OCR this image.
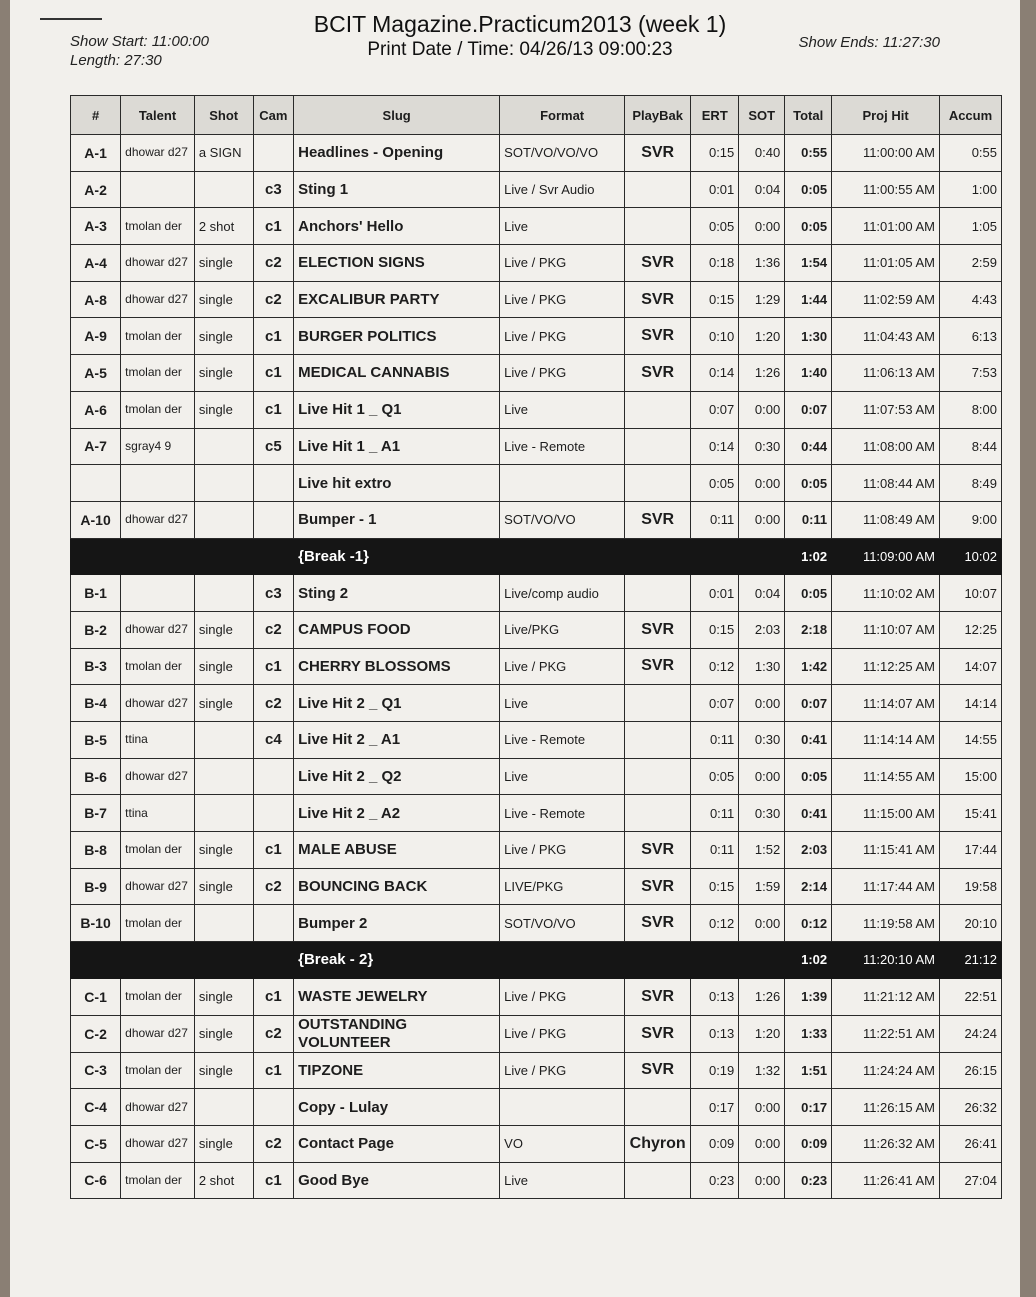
Show Start: 11:00:00
Length: 27:30
BCIT Magazine.Practicum2013 (week 1)
Print Date / Time: 04/26/13 09:00:23	Show Ends: 11:27:30
#	Talent	Shot	Cam	Slug	Format	PlayBak	ERT	SOT	Total	Proj Hit	Accum
A-1	dhowar d27	a SIGN		Headlines - Opening	SOT/VO/VO/VO	SVR	0:15	0:40	0:55	11:00:00 AM	0:55
A-2			c3	Sting 1	Live / Svr Audio		0:01	0:04	0:05	11:00:55 AM	1:00
A-3	tmolan der	2 shot	c1	Anchors' Hello	Live		0:05	0:00	0:05	11:01:00 AM	1:05
A-4	dhowar d27	single	c2	ELECTION SIGNS	Live / PKG	SVR	0:18	1:36	1:54	11:01:05 AM	2:59
A-8	dhowar d27	single	c2	EXCALIBUR PARTY	Live / PKG	SVR	0:15	1:29	1:44	11:02:59 AM	4:43
A-9	tmolan der	single	c1	BURGER POLITICS	Live / PKG	SVR	0:10	1:20	1:30	11:04:43 AM	6:13
A-5	tmolan der	single	c1	MEDICAL CANNABIS	Live / PKG	SVR	0:14	1:26	1:40	11:06:13 AM	7:53
A-6	tmolan der	single	c1	Live Hit 1 _ Q1	Live		0:07	0:00	0:07	11:07:53 AM	8:00
A-7	sgray4 9		c5	Live Hit 1 _ A1	Live - Remote		0:14	0:30	0:44	11:08:00 AM	8:44
				Live hit extro			0:05	0:00	0:05	11:08:44 AM	8:49
A-10	dhowar d27			Bumper - 1	SOT/VO/VO	SVR	0:11	0:00	0:11	11:08:49 AM	9:00
				{Break -1}					1:02	11:09:00 AM	10:02
B-1			c3	Sting 2	Live/comp audio		0:01	0:04	0:05	11:10:02 AM	10:07
B-2	dhowar d27	single	c2	CAMPUS FOOD	Live/PKG	SVR	0:15	2:03	2:18	11:10:07 AM	12:25
B-3	tmolan der	single	c1	CHERRY BLOSSOMS	Live / PKG	SVR	0:12	1:30	1:42	11:12:25 AM	14:07
B-4	dhowar d27	single	c2	Live Hit 2 _ Q1	Live		0:07	0:00	0:07	11:14:07 AM	14:14
B-5	ttina		c4	Live Hit 2 _ A1	Live - Remote		0:11	0:30	0:41	11:14:14 AM	14:55
B-6	dhowar d27			Live Hit 2 _ Q2	Live		0:05	0:00	0:05	11:14:55 AM	15:00
B-7	ttina			Live Hit 2 _ A2	Live - Remote		0:11	0:30	0:41	11:15:00 AM	15:41
B-8	tmolan der	single	c1	MALE ABUSE	Live / PKG	SVR	0:11	1:52	2:03	11:15:41 AM	17:44
B-9	dhowar d27	single	c2	BOUNCING BACK	LIVE/PKG	SVR	0:15	1:59	2:14	11:17:44 AM	19:58
B-10	tmolan der			Bumper 2	SOT/VO/VO	SVR	0:12	0:00	0:12	11:19:58 AM	20:10
				{Break - 2}					1:02	11:20:10 AM	21:12
C-1	tmolan der	single	c1	WASTE JEWELRY	Live / PKG	SVR	0:13	1:26	1:39	11:21:12 AM	22:51
C-2	dhowar d27	single	c2	OUTSTANDING VOLUNTEER	Live / PKG	SVR	0:13	1:20	1:33	11:22:51 AM	24:24
C-3	tmolan der	single	c1	TIPZONE	Live / PKG	SVR	0:19	1:32	1:51	11:24:24 AM	26:15
C-4	dhowar d27			Copy - Lulay			0:17	0:00	0:17	11:26:15 AM	26:32
C-5	dhowar d27	single	c2	Contact Page	VO	Chyron	0:09	0:00	0:09	11:26:32 AM	26:41
C-6	tmolan der	2 shot	c1	Good Bye	Live		0:23	0:00	0:23	11:26:41 AM	27:04
